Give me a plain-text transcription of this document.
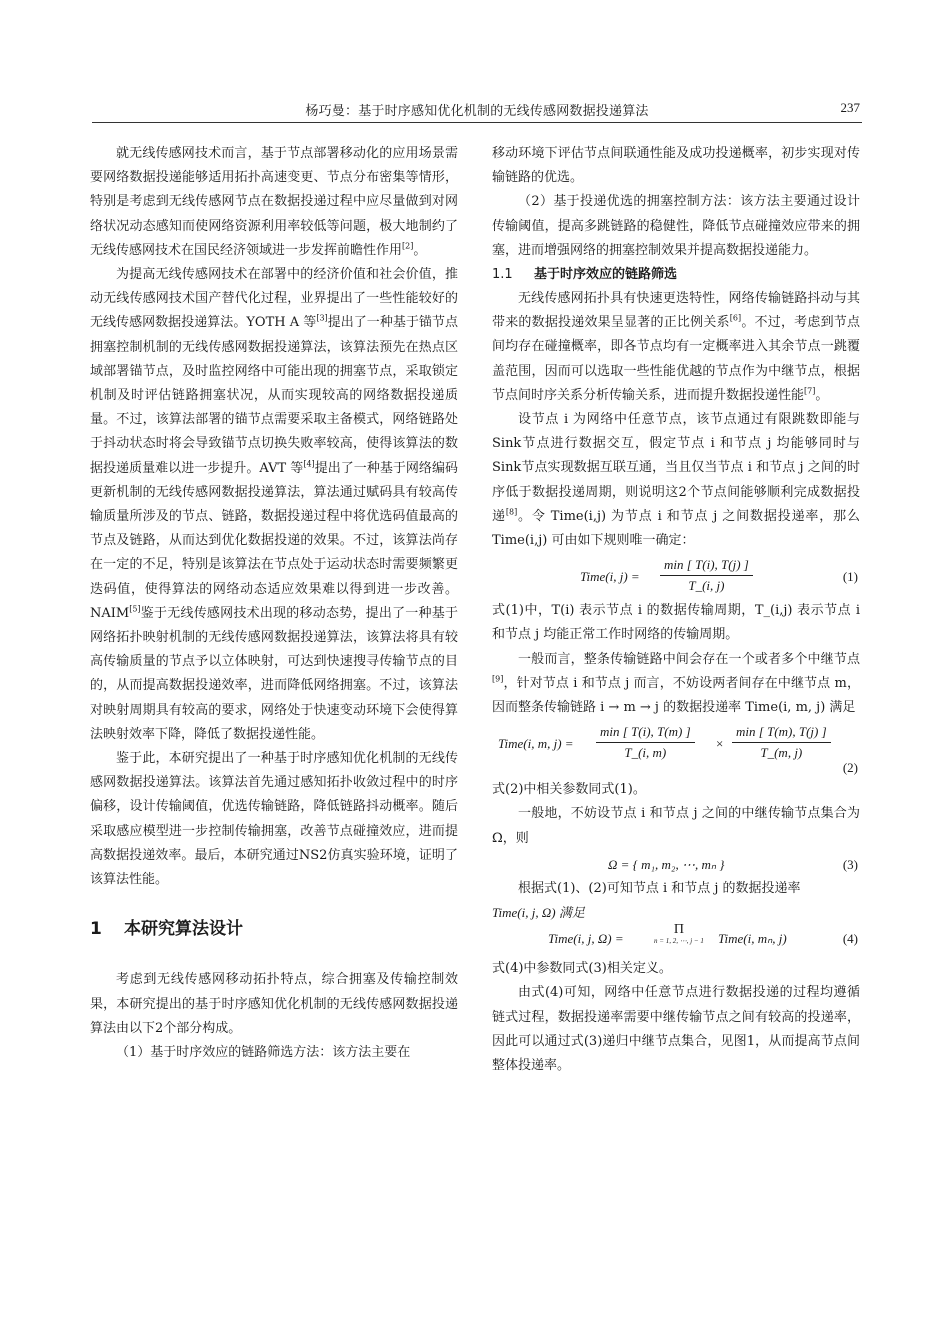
杨巧曼：基于时序感知优化机制的无线传感网数据投递算法	237

就无线传感网技术而言，基于节点部署移动化的应用场景需要网络数据投递能够适用拓扑高速变更、节点分布密集等情形，特别是考虑到无线传感网节点在数据投递过程中应尽量做到对网络状况动态感知而使网络资源利用率较低等问题，极大地制约了无线传感网技术在国民经济领域进一步发挥前瞻性作用[2]。

为提高无线传感网技术在部署中的经济价值和社会价值，推动无线传感网技术国产替代化过程，业界提出了一些性能较好的无线传感网数据投递算法。YOTH A 等[3]提出了一种基于锚节点拥塞控制机制的无线传感网数据投递算法，该算法预先在热点区域部署锚节点，及时监控网络中可能出现的拥塞节点，采取锁定机制及时评估链路拥塞状况，从而实现较高的网络数据投递质量。不过，该算法部署的锚节点需要采取主备模式，网络链路处于抖动状态时将会导致锚节点切换失败率较高，使得该算法的数据投递质量难以进一步提升。AVT 等[4]提出了一种基于网络编码更新机制的无线传感网数据投递算法，算法通过赋码具有较高传输质量所涉及的节点、链路，数据投递过程中将优选码值最高的节点及链路，从而达到优化数据投递的效果。不过，该算法尚存在一定的不足，特别是该算法在节点处于运动状态时需要频繁更迭码值，使得算法的网络动态适应效果难以得到进一步改善。NAIM[5]鉴于无线传感网技术出现的移动态势，提出了一种基于网络拓扑映射机制的无线传感网数据投递算法，该算法将具有较高传输质量的节点予以立体映射，可达到快速搜寻传输节点的目的，从而提高数据投递效率，进而降低网络拥塞。不过，该算法对映射周期具有较高的要求，网络处于快速变动环境下会使得算法映射效率下降，降低了数据投递性能。

鉴于此，本研究提出了一种基于时序感知优化机制的无线传感网数据投递算法。该算法首先通过感知拓扑收敛过程中的时序偏移，设计传输阈值，优选传输链路，降低链路抖动概率。随后采取感应模型进一步控制传输拥塞，改善节点碰撞效应，进而提高数据投递效率。最后，本研究通过NS2仿真实验环境，证明了该算法性能。

1 本研究算法设计

考虑到无线传感网移动拓扑特点，综合拥塞及传输控制效果，本研究提出的基于时序感知优化机制的无线传感网数据投递算法由以下2个部分构成。

（1）基于时序效应的链路筛选方法：该方法主要在

移动环境下评估节点间联通性能及成功投递概率，初步实现对传输链路的优选。

（2）基于投递优选的拥塞控制方法：该方法主要通过设计传输阈值，提高多跳链路的稳健性，降低节点碰撞效应带来的拥塞，进而增强网络的拥塞控制效果并提高数据投递能力。

1.1 基于时序效应的链路筛选

无线传感网拓扑具有快速更迭特性，网络传输链路抖动与其带来的数据投递效果呈显著的正比例关系[6]。不过，考虑到节点间均存在碰撞概率，即各节点均有一定概率进入其余节点一跳覆盖范围，因而可以选取一些性能优越的节点作为中继节点，根据节点间时序关系分析传输关系，进而提升数据投递性能[7]。

设节点 i 为网络中任意节点，该节点通过有限跳数即能与Sink节点进行数据交互，假定节点 i 和节点 j 均能够同时与Sink节点实现数据互联互通，当且仅当节点 i 和节点 j 之间的时序低于数据投递周期，则说明这2个节点间能够顺利完成数据投递[8]。令 Time(i,j) 为节点 i 和节点 j 之间数据投递率，那么 Time(i,j) 可由如下规则唯一确定：

Time(i, j) =
min [ T(i), T(j) ]
T_(i, j)
(1)

式(1)中，T(i) 表示节点 i 的数据传输周期，T_(i,j) 表示节点 i 和节点 j 均能正常工作时网络的传输周期。

一般而言，整条传输链路中间会存在一个或者多个中继节点[9]，针对节点 i 和节点 j 而言，不妨设两者间存在中继节点 m，因而整条传输链路 i → m → j 的数据投递率 Time(i, m, j) 满足

Time(i, m, j) =
min [ T(i), T(m) ]
T_(i, m)
×
min [ T(m), T(j) ]
T_(m, j)
(2)

式(2)中相关参数同式(1)。

一般地，不妨设节点 i 和节点 j 之间的中继传输节点集合为 Ω，则

Ω = { m₁, m₂, ⋯, mₙ }	(3)

根据式(1)、(2)可知节点 i 和节点 j 的数据投递率

Time(i, j, Ω) 满足

Time(i, j, Ω) =
Π
n = 1, 2, ⋯, j − 1 Time(i, mₙ, j)	(4)

式(4)中参数同式(3)相关定义。

由式(4)可知，网络中任意节点进行数据投递的过程均遵循链式过程，数据投递率需要中继传输节点之间有较高的投递率，因此可以通过式(3)递归中继节点集合，见图1，从而提高节点间整体投递率。
